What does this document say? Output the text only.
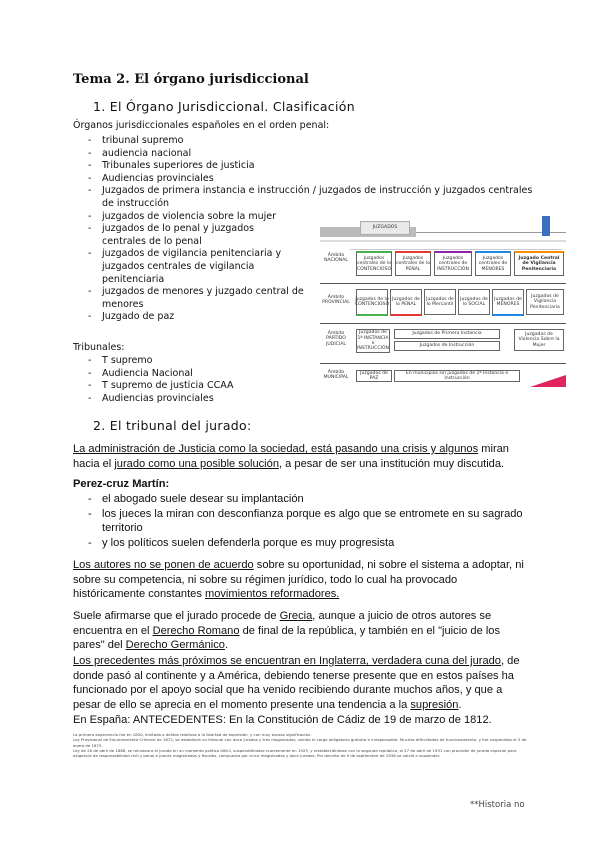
Tema 2. El órgano jurisdiccional
1. El Órgano Jurisdiccional. Clasificación
Órganos jurisdiccionales españoles en el orden penal:
- tribunal supremo
- audiencia nacional
- Tribunales superiores de justicia
- Audiencias provinciales
- Juzgados de primera instancia e instrucción / juzgados de instrucción y juzgados centrales de instrucción
- juzgados de violencia sobre la mujer
- juzgados de lo penal y juzgados centrales de lo penal
- juzgados de vigilancia penitenciaria y juzgados centrales de vigilancia penitenciaria
- juzgados de menores y juzgado central de menores
- Juzgado de paz
Tribunales:
- T supremo
- Audiencia Nacional
- T supremo de justicia CCAA
- Audiencias provinciales
JUZGADOS
Ámbito NACIONAL	Juzgados centrales de lo CONTENCIOSO
Juzgados centrales de lo PENAL
Juzgados centrales de INSTRUCCIÓN
Juzgados centrales de MENORES
Juzgado Central de Vigilancia Penitenciaria
Ámbito PROVINCIAL
Juzgados de lo CONTENCIOSO
Juzgados de lo PENAL
Juzgados de lo Mercantil
Juzgados de lo SOCIAL
Juzgados de MENORES
Juzgados de Vigilancia Penitenciaria
Ámbito PARTIDO JUDICIAL
Juzgados de 1ª INSTANCIA e INSTRUCCIÓN
Juzgados de Primera Instancia
Juzgados de Instrucción
Juzgados de Violencia Sobre la Mujer
Ámbito MUNICIPAL
Juzgados de PAZ
En municipios sin juzgados de 1ª Instancia e Instrucción
2. El tribunal del jurado:
La administración de Justicia como la sociedad, está pasando una crisis y algunos miran hacia el jurado como una posible solución, a pesar de ser una institución muy discutida.
Perez-cruz Martín:
- el abogado suele desear su implantación
- los jueces la miran con desconfianza porque es algo que se entromete en su sagrado territorio
- y los políticos suelen defenderla porque es muy progresista
Los autores no se ponen de acuerdo sobre su oportunidad, ni sobre el sistema a adoptar, ni sobre su competencia, ni sobre su régimen jurídico, todo lo cual ha provocado históricamente constantes movimientos reformadores.
Suele afirmarse que el jurado procede de Grecia, aunque a juicio de otros autores se encuentra en el Derecho Romano de final de la república, y también en el "juicio de los pares" del Derecho Germánico.
Los precedentes más próximos se encuentran en Inglaterra, verdadera cuna del jurado, de donde pasó al continente y a América, debiendo tenerse presente que en estos países ha funcionado por el apoyo social que ha venido recibiendo durante muchos años, y que a pesar de ello se aprecia en el momento presente una tendencia a la supresión.
En España: ANTECEDENTES: En la Constitución de Cádiz de 19 de marzo de 1812.
La primera experiencia fue en 1820, limitada a delitos relativos a la libertad de expresión, y con muy escasa significación.
Ley Provisional de Enjuiciamiento Criminal de 1872, se establecía un tribunal con doce jurados y tres magistrados, siendo el cargo obligatorio gratuito e irresponsable. Muchas dificultades de funcionamiento, y fue suspendido el 3 de enero de 1875.
Ley de 20 de abril de 1888, se reinstaura el jurado en un momento político difícil, suspendiéndose nuevamente en 1923, y restableciéndose con la segunda república, el 27 de abril de 1931 con provisión de jurado especial para exigencia de responsabilidad civil y penal a jueces magistrados y fiscales, compuesto por cinco magistrados y doce jurados. Por decreto de 9 de septiembre de 1936 se volvió a suspender.
**Historia no
